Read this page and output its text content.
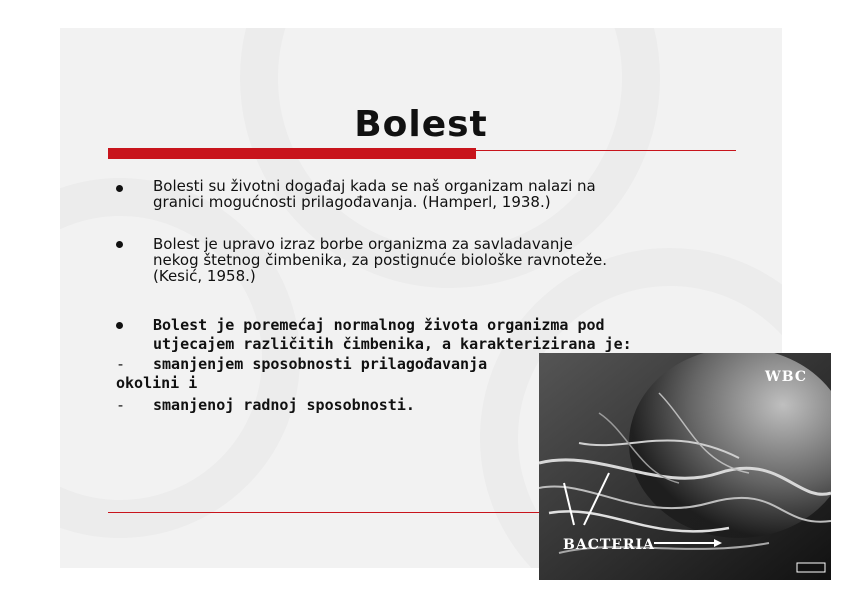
Bolest
Bolesti su životni događaj kada se naš organizam nalazi na
granici mogućnosti prilagođavanja. (Hamperl, 1938.)
Bolest je upravo izraz borbe organizma za savladavanje
nekog štetnog čimbenika, za postignuće biološke ravnoteže.
(Kesić, 1958.)
Bolest je poremećaj normalnog života organizma pod
utjecajem različitih čimbenika, a karakterizirana je:
- smanjenjem sposobnosti prilagođavanja
okolini i
- smanjenoj radnoj sposobnosti.
WBC
BACTERIA
